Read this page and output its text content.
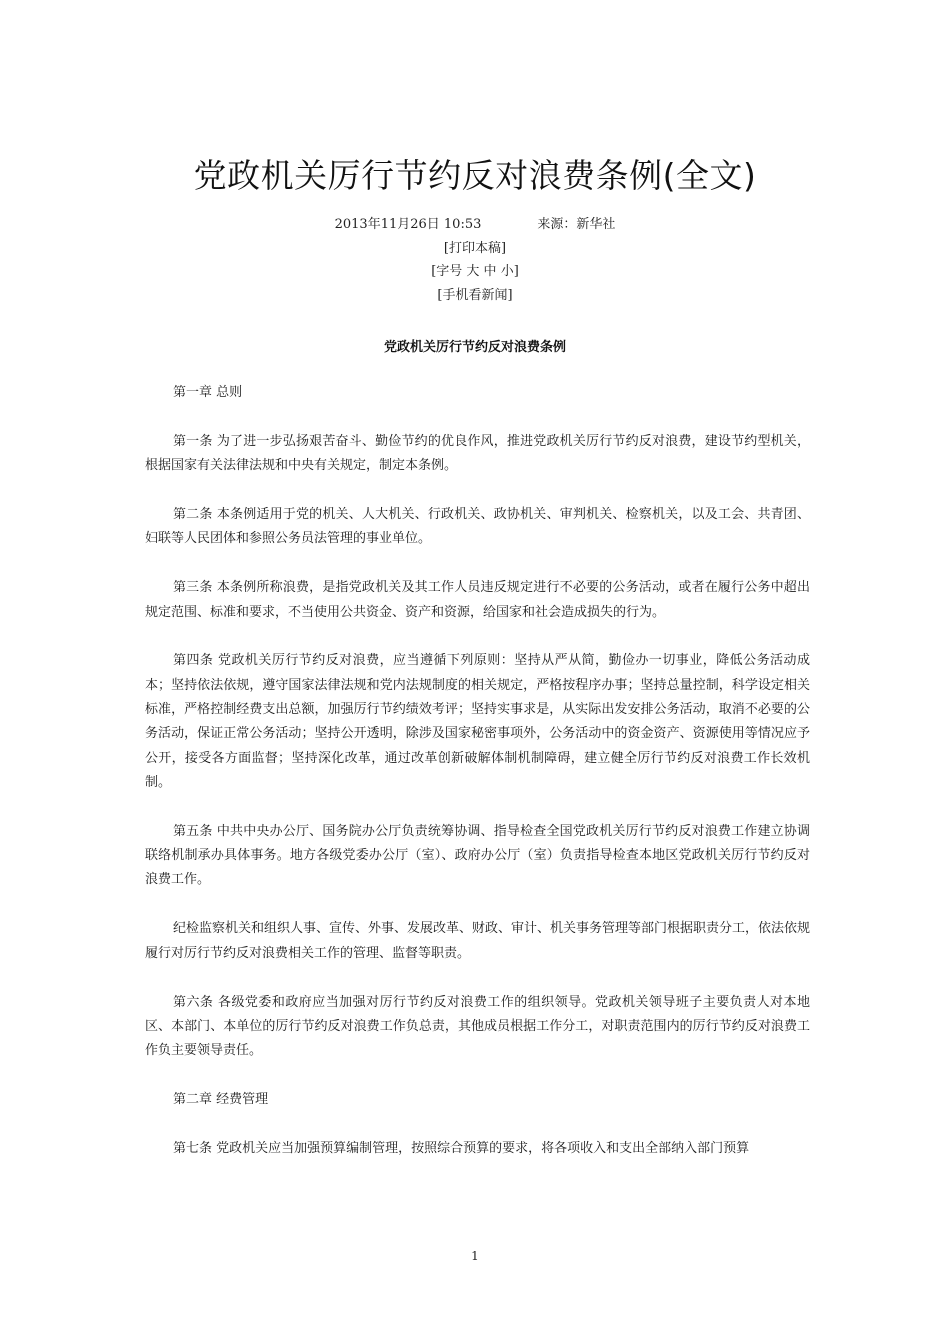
党政机关厉行节约反对浪费条例(全文)
2013年11月26日 10:53	来源：新华社
[打印本稿]
[字号 大 中 小]
[手机看新闻]
党政机关厉行节约反对浪费条例

第一章 总则

第一条 为了进一步弘扬艰苦奋斗、勤俭节约的优良作风，推进党政机关厉行节约反对浪费，建设节约型机关，根据国家有关法律法规和中央有关规定，制定本条例。

第二条 本条例适用于党的机关、人大机关、行政机关、政协机关、审判机关、检察机关，以及工会、共青团、妇联等人民团体和参照公务员法管理的事业单位。

第三条 本条例所称浪费，是指党政机关及其工作人员违反规定进行不必要的公务活动，或者在履行公务中超出规定范围、标准和要求，不当使用公共资金、资产和资源，给国家和社会造成损失的行为。

第四条 党政机关厉行节约反对浪费，应当遵循下列原则：坚持从严从简，勤俭办一切事业，降低公务活动成本；坚持依法依规，遵守国家法律法规和党内法规制度的相关规定，严格按程序办事；坚持总量控制，科学设定相关标准，严格控制经费支出总额，加强厉行节约绩效考评；坚持实事求是，从实际出发安排公务活动，取消不必要的公务活动，保证正常公务活动；坚持公开透明，除涉及国家秘密事项外，公务活动中的资金资产、资源使用等情况应予公开，接受各方面监督；坚持深化改革，通过改革创新破解体制机制障碍，建立健全厉行节约反对浪费工作长效机制。

第五条 中共中央办公厅、国务院办公厅负责统筹协调、指导检查全国党政机关厉行节约反对浪费工作建立协调联络机制承办具体事务。地方各级党委办公厅（室）、政府办公厅（室）负责指导检查本地区党政机关厉行节约反对浪费工作。

纪检监察机关和组织人事、宣传、外事、发展改革、财政、审计、机关事务管理等部门根据职责分工，依法依规履行对厉行节约反对浪费相关工作的管理、监督等职责。

第六条 各级党委和政府应当加强对厉行节约反对浪费工作的组织领导。党政机关领导班子主要负责人对本地区、本部门、本单位的厉行节约反对浪费工作负总责，其他成员根据工作分工，对职责范围内的厉行节约反对浪费工作负主要领导责任。

第二章 经费管理

第七条 党政机关应当加强预算编制管理，按照综合预算的要求，将各项收入和支出全部纳入部门预算

1
